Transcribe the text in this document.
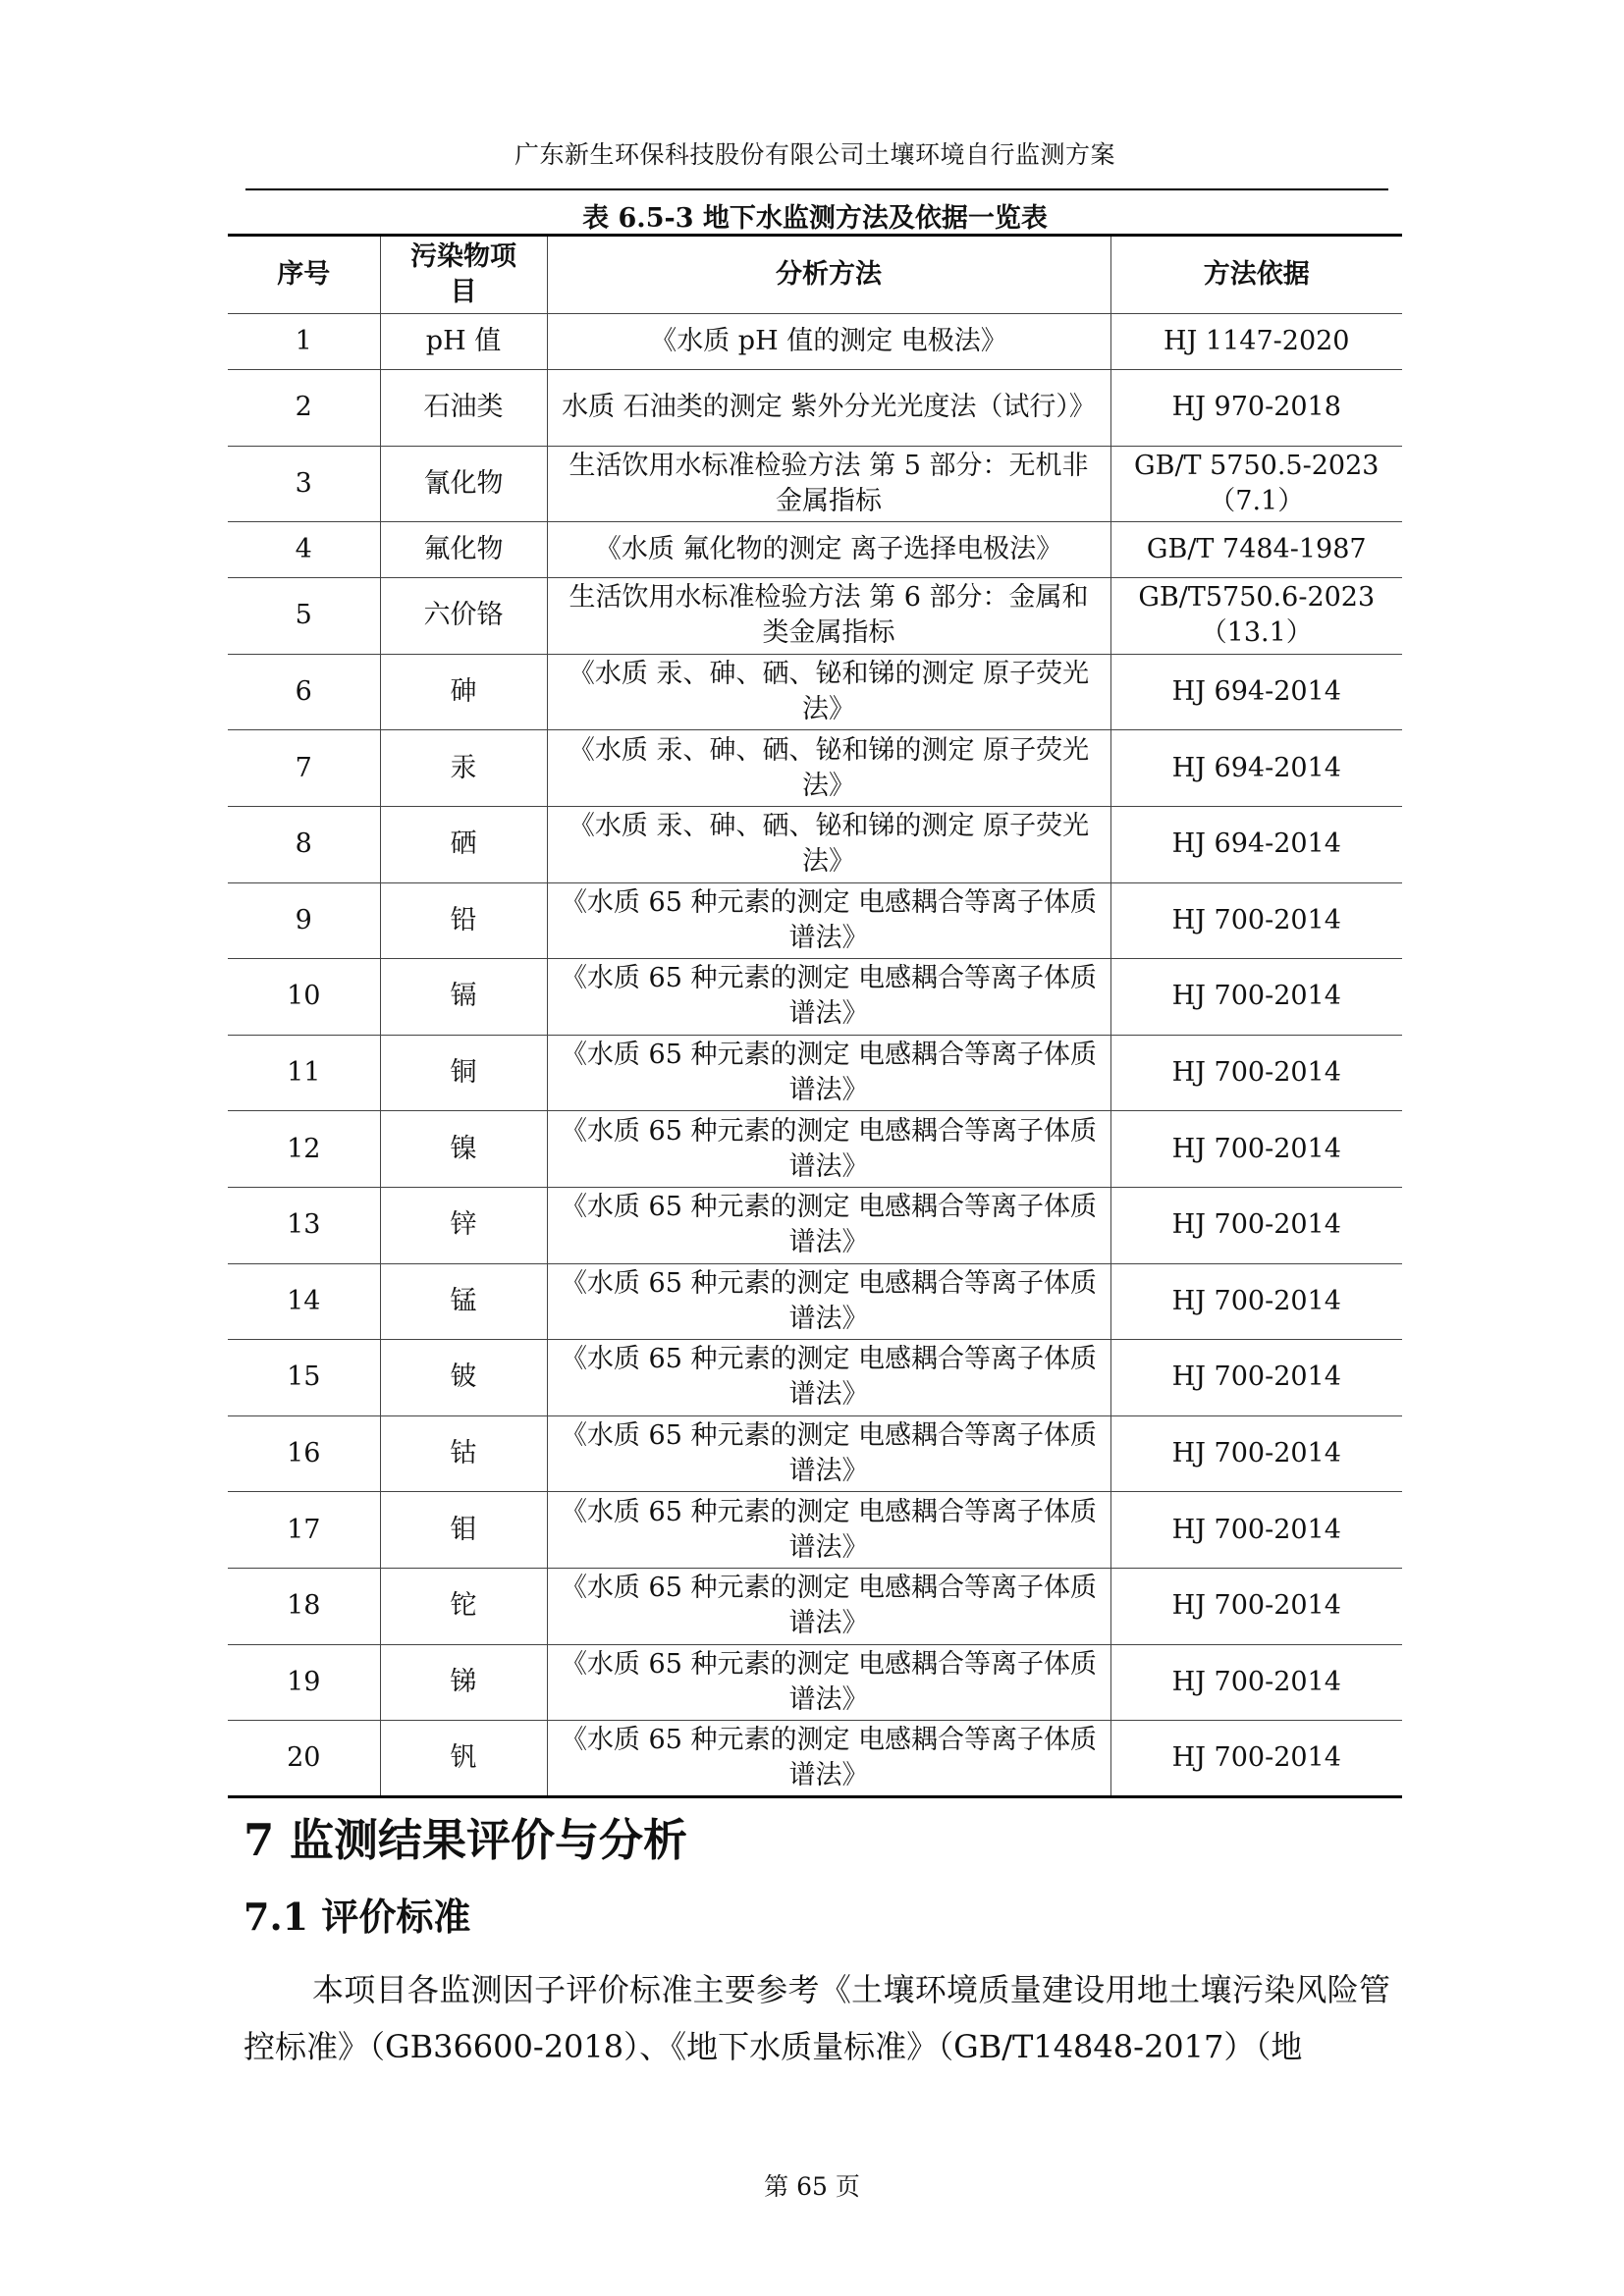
广东新生环保科技股份有限公司土壤环境自行监测方案
表 6.5-3 地下水监测方法及依据一览表
序号	污染物项目	分析方法	方法依据
1	pH 值	《水质 pH 值的测定 电极法》	HJ 1147-2020
2	石油类	水质 石油类的测定 紫外分光光度法（试行）》	HJ 970-2018
3	氰化物	生活饮用水标准检验方法 第 5 部分：无机非金属指标	GB/T 5750.5-2023（7.1）
4	氟化物	《水质 氟化物的测定 离子选择电极法》	GB/T 7484-1987
5	六价铬	生活饮用水标准检验方法 第 6 部分：金属和类金属指标	GB/T5750.6-2023（13.1）
6	砷	《水质 汞、砷、硒、铋和锑的测定 原子荧光法》	HJ 694-2014
7	汞	《水质 汞、砷、硒、铋和锑的测定 原子荧光法》	HJ 694-2014
8	硒	《水质 汞、砷、硒、铋和锑的测定 原子荧光法》	HJ 694-2014
9	铅	《水质 65 种元素的测定 电感耦合等离子体质谱法》	HJ 700-2014
10	镉	《水质 65 种元素的测定 电感耦合等离子体质谱法》	HJ 700-2014
11	铜	《水质 65 种元素的测定 电感耦合等离子体质谱法》	HJ 700-2014
12	镍	《水质 65 种元素的测定 电感耦合等离子体质谱法》	HJ 700-2014
13	锌	《水质 65 种元素的测定 电感耦合等离子体质谱法》	HJ 700-2014
14	锰	《水质 65 种元素的测定 电感耦合等离子体质谱法》	HJ 700-2014
15	铍	《水质 65 种元素的测定 电感耦合等离子体质谱法》	HJ 700-2014
16	钴	《水质 65 种元素的测定 电感耦合等离子体质谱法》	HJ 700-2014
17	钼	《水质 65 种元素的测定 电感耦合等离子体质谱法》	HJ 700-2014
18	铊	《水质 65 种元素的测定 电感耦合等离子体质谱法》	HJ 700-2014
19	锑	《水质 65 种元素的测定 电感耦合等离子体质谱法》	HJ 700-2014
20	钒	《水质 65 种元素的测定 电感耦合等离子体质谱法》	HJ 700-2014
7 监测结果评价与分析
7.1 评价标准
本项目各监测因子评价标准主要参考《土壤环境质量建设用地土壤污染风险管控标准》（GB36600-2018）、《地下水质量标准》（GB/T14848-2017）（地
第 65 页
